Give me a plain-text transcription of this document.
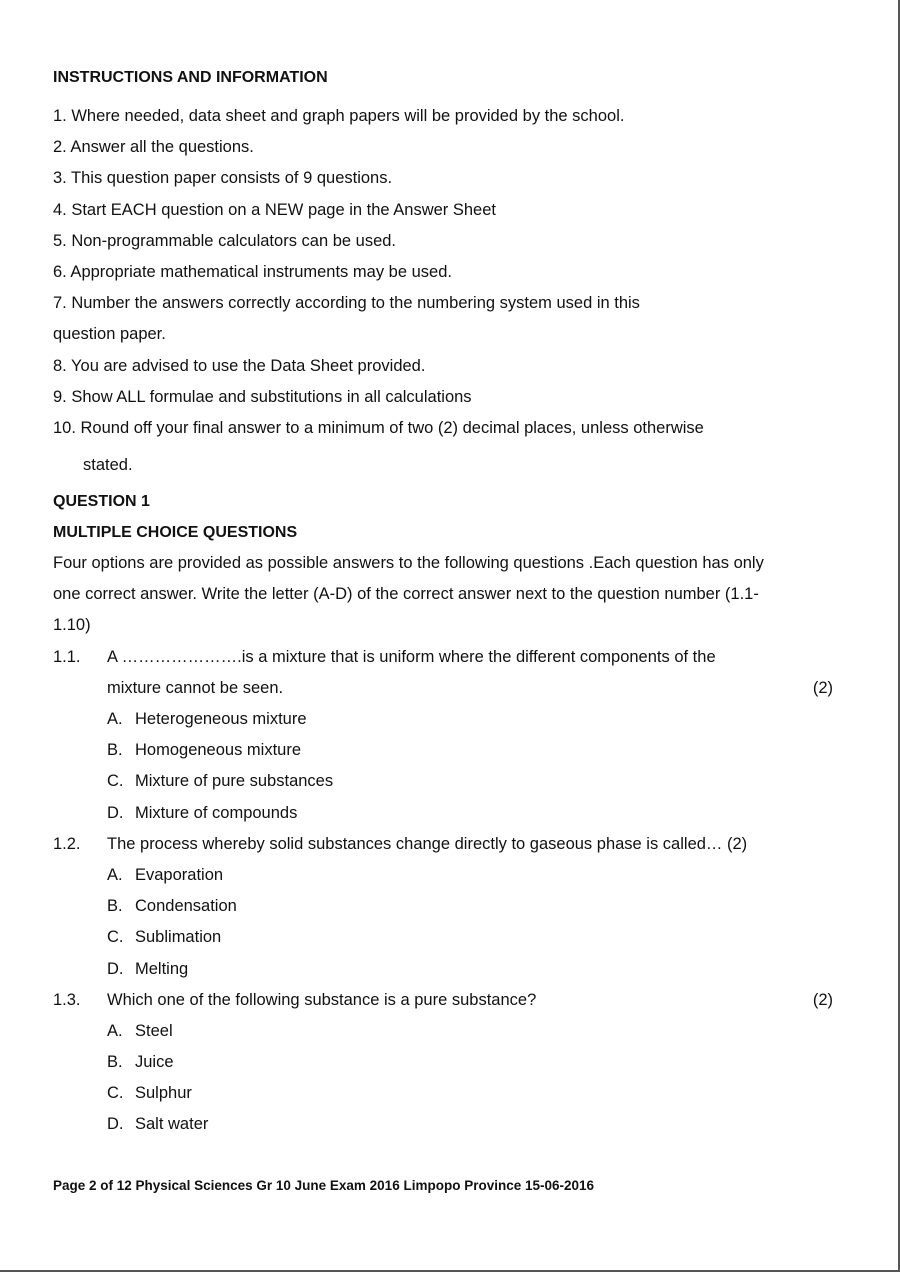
INSTRUCTIONS AND INFORMATION
1. Where needed, data sheet and graph papers will be provided by the school.
2. Answer all the questions.
3. This question paper consists of 9 questions.
4. Start EACH question on a NEW page in the Answer Sheet
5. Non-programmable calculators can be used.
6. Appropriate mathematical instruments may be used.
7. Number the answers correctly according to the numbering system used in this
question paper.
8. You are advised to use the Data Sheet provided.
9. Show ALL formulae and substitutions in all calculations
10. Round off your final answer to a minimum of two (2) decimal places, unless otherwise
stated.
QUESTION 1
MULTIPLE CHOICE QUESTIONS
Four options are provided as possible answers to the following questions .Each question has only
one correct answer. Write the letter (A-D) of the correct answer next to the question number (1.1-
1.10)
1.1.	A ………………….is a mixture that is uniform where the different components of the
mixture cannot be seen.	(2)
A. Heterogeneous mixture
B. Homogeneous mixture
C. Mixture of pure substances
D. Mixture of compounds
1.2.	The process whereby solid substances change directly to gaseous phase is called… (2)
A. Evaporation
B. Condensation
C. Sublimation
D. Melting
1.3.	Which one of the following substance is a pure substance?	(2)
A. Steel
B. Juice
C. Sulphur
D. Salt water
Page 2 of 12 Physical Sciences Gr 10 June Exam 2016 Limpopo Province 15-06-2016
